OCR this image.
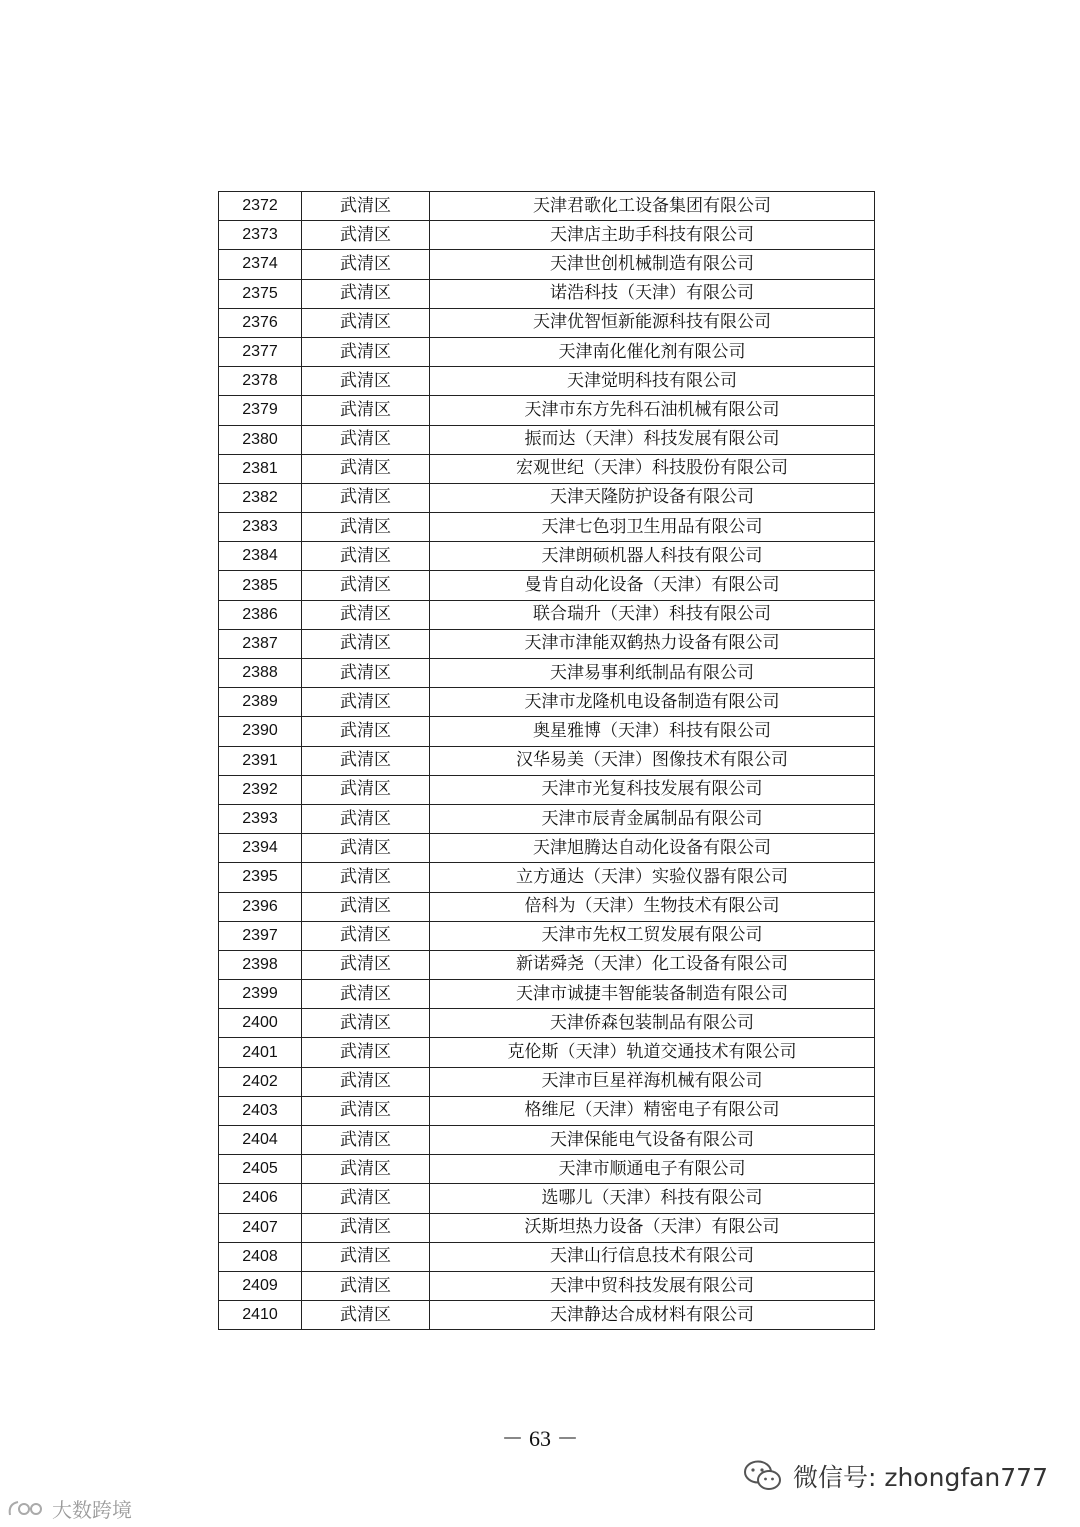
2372	武清区	天津君歌化工设备集团有限公司
2373	武清区	天津店主助手科技有限公司
2374	武清区	天津世创机械制造有限公司
2375	武清区	诺浩科技（天津）有限公司
2376	武清区	天津优智恒新能源科技有限公司
2377	武清区	天津南化催化剂有限公司
2378	武清区	天津觉明科技有限公司
2379	武清区	天津市东方先科石油机械有限公司
2380	武清区	振而达（天津）科技发展有限公司
2381	武清区	宏观世纪（天津）科技股份有限公司
2382	武清区	天津天隆防护设备有限公司
2383	武清区	天津七色羽卫生用品有限公司
2384	武清区	天津朗硕机器人科技有限公司
2385	武清区	曼肯自动化设备（天津）有限公司
2386	武清区	联合瑞升（天津）科技有限公司
2387	武清区	天津市津能双鹤热力设备有限公司
2388	武清区	天津易事利纸制品有限公司
2389	武清区	天津市龙隆机电设备制造有限公司
2390	武清区	奥星雅博（天津）科技有限公司
2391	武清区	汉华易美（天津）图像技术有限公司
2392	武清区	天津市光复科技发展有限公司
2393	武清区	天津市辰青金属制品有限公司
2394	武清区	天津旭腾达自动化设备有限公司
2395	武清区	立方通达（天津）实验仪器有限公司
2396	武清区	倍科为（天津）生物技术有限公司
2397	武清区	天津市先权工贸发展有限公司
2398	武清区	新诺舜尧（天津）化工设备有限公司
2399	武清区	天津市诚捷丰智能装备制造有限公司
2400	武清区	天津侨森包装制品有限公司
2401	武清区	克伦斯（天津）轨道交通技术有限公司
2402	武清区	天津市巨星祥海机械有限公司
2403	武清区	格维尼（天津）精密电子有限公司
2404	武清区	天津保能电气设备有限公司
2405	武清区	天津市顺通电子有限公司
2406	武清区	选哪儿（天津）科技有限公司
2407	武清区	沃斯坦热力设备（天津）有限公司
2408	武清区	天津山行信息技术有限公司
2409	武清区	天津中贸科技发展有限公司
2410	武清区	天津静达合成材料有限公司
－ 63 －
微信号: zhongfan777
大数跨境
